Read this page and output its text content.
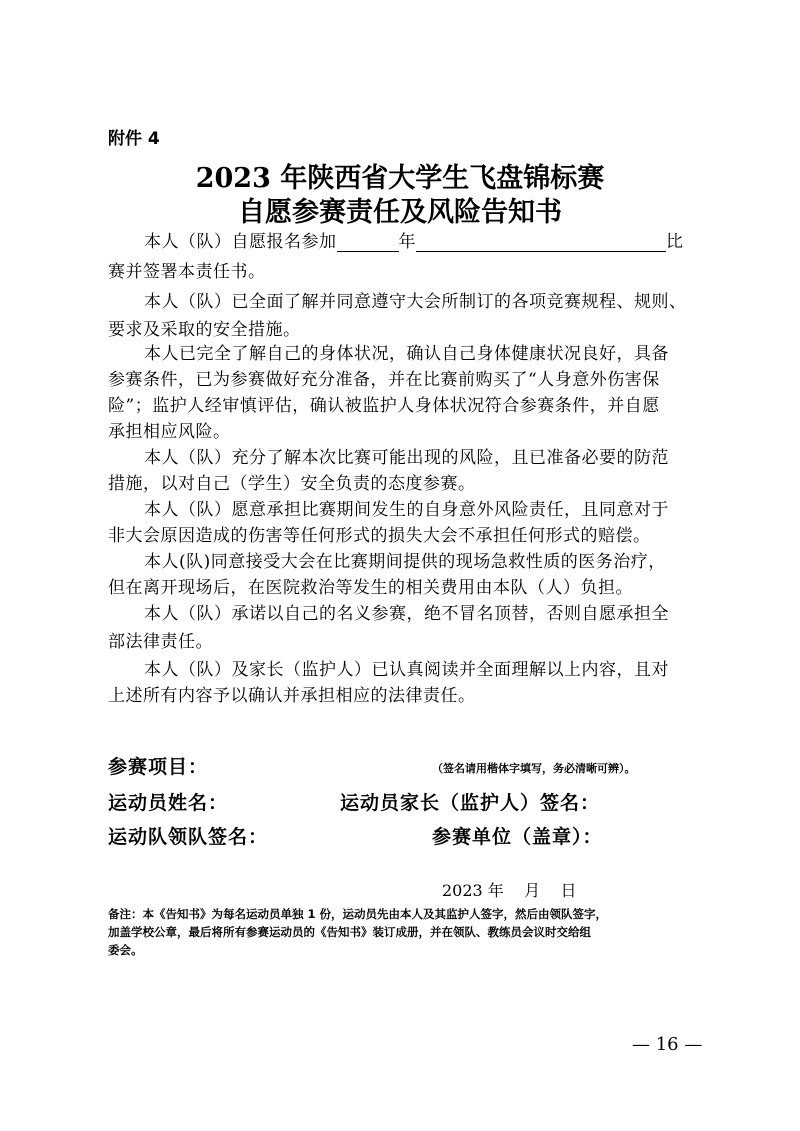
附件 4
2023 年陕西省大学生飞盘锦标赛
自愿参赛责任及风险告知书
本人（队）自愿报名参加	年	比
赛并签署本责任书。
本人（队）已全面了解并同意遵守大会所制订的各项竞赛规程、规则、
要求及采取的安全措施。
本人已完全了解自己的身体状况，确认自己身体健康状况良好，具备
参赛条件，已为参赛做好充分准备，并在比赛前购买了“人身意外伤害保
险”；监护人经审慎评估，确认被监护人身体状况符合参赛条件，并自愿
承担相应风险。
本人（队）充分了解本次比赛可能出现的风险，且已准备必要的防范
措施，以对自己（学生）安全负责的态度参赛。
本人（队）愿意承担比赛期间发生的自身意外风险责任，且同意对于
非大会原因造成的伤害等任何形式的损失大会不承担任何形式的赔偿。
本人(队)同意接受大会在比赛期间提供的现场急救性质的医务治疗，
但在离开现场后，在医院救治等发生的相关费用由本队（人）负担。
本人（队）承诺以自己的名义参赛，绝不冒名顶替，否则自愿承担全
部法律责任。
本人（队）及家长（监护人）已认真阅读并全面理解以上内容，且对
上述所有内容予以确认并承担相应的法律责任。
参赛项目：	（签名请用楷体字填写，务必清晰可辨）。
运动员姓名：	运动员家长（监护人）签名：
运动队领队签名：	参赛单位（盖章）：
2023 年    月    日
备注：本《告知书》为每名运动员单独 1 份，运动员先由本人及其监护人签字，然后由领队签字，
加盖学校公章，最后将所有参赛运动员的《告知书》装订成册，并在领队、教练员会议时交给组
委会。
— 16 —
